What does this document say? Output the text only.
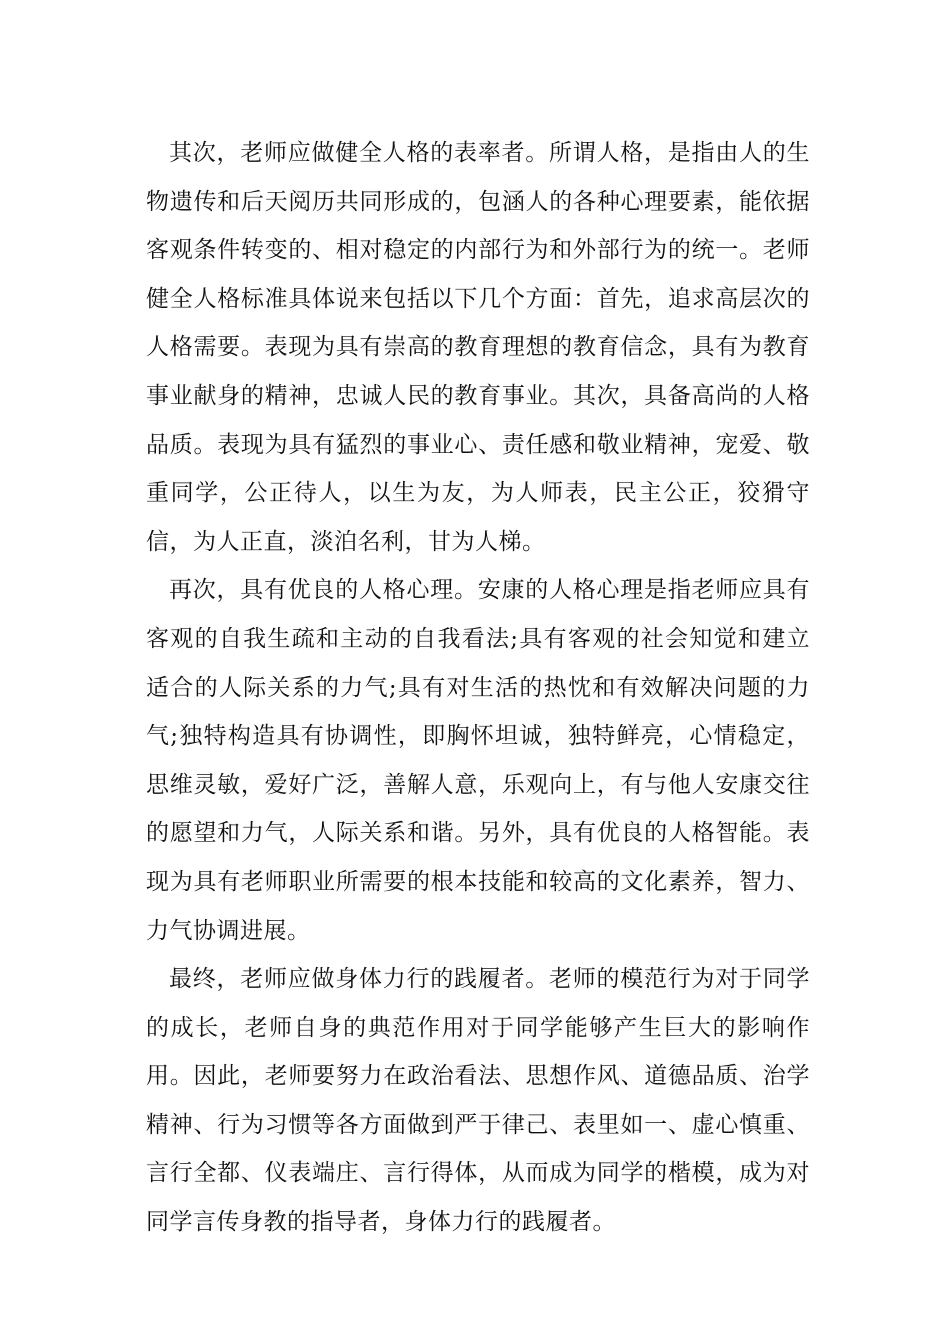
其次，老师应做健全人格的表率者。所谓人格，是指由人的生物遗传和后天阅历共同形成的，包涵人的各种心理要素，能依据客观条件转变的、相对稳定的内部行为和外部行为的统一。老师健全人格标准具体说来包括以下几个方面：首先，追求高层次的人格需要。表现为具有崇高的教育理想的教育信念，具有为教育事业献身的精神，忠诚人民的教育事业。其次，具备高尚的人格品质。表现为具有猛烈的事业心、责任感和敬业精神，宠爱、敬重同学，公正待人，以生为友，为人师表，民主公正，狡猾守信，为人正直，淡泊名利，甘为人梯。

再次，具有优良的人格心理。安康的人格心理是指老师应具有客观的自我生疏和主动的自我看法;具有客观的社会知觉和建立适合的人际关系的力气;具有对生活的热忱和有效解决问题的力气;独特构造具有协调性，即胸怀坦诚，独特鲜亮，心情稳定，思维灵敏，爱好广泛，善解人意，乐观向上，有与他人安康交往的愿望和力气，人际关系和谐。另外，具有优良的人格智能。表现为具有老师职业所需要的根本技能和较高的文化素养，智力、力气协调进展。

最终，老师应做身体力行的践履者。老师的模范行为对于同学的成长，老师自身的典范作用对于同学能够产生巨大的影响作用。因此，老师要努力在政治看法、思想作风、道德品质、治学精神、行为习惯等各方面做到严于律己、表里如一、虚心慎重、言行全都、仪表端庄、言行得体，从而成为同学的楷模，成为对同学言传身教的指导者，身体力行的践履者。
